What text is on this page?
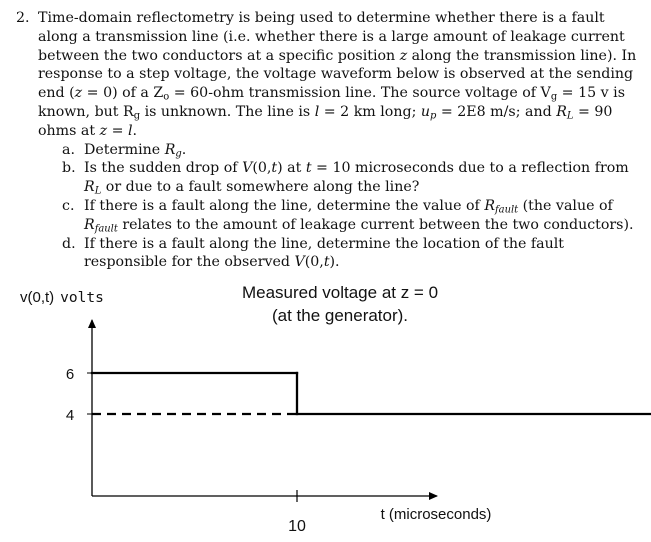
2. Time-domain reflectometry is being used to determine whether there is a fault along a transmission line (i.e. whether there is a large amount of leakage current between the two conductors at a specific position z along the transmission line). In response to a step voltage, the voltage waveform below is observed at the sending end (z = 0) of a $Z_o = 60-ohm$ transmission line. The source voltage of $V_g = 15$ v is known, but $R_g$ is unknown. The line is l = 2 km long; $u_p = 2E8$ m/s; and $R_L = 90$ ohms at z = l.
a. Determine $R_g$.
b. Is the sudden drop of V(0,t) at t = 10 microseconds due to a reflection from $R_L$ or due to a fault somewhere along the line?
c. If there is a fault along the line, determine the value of $R_{fault}$ (the value of $R_{fault}$ relates to the amount of leakage current between the two conductors).
d. If there is a fault along the line, determine the location of the fault responsible for the observed V(0,t).
v(0,t) volts	Measured voltage at z = 0
(at the generator).
6
4
10
t (microseconds)
